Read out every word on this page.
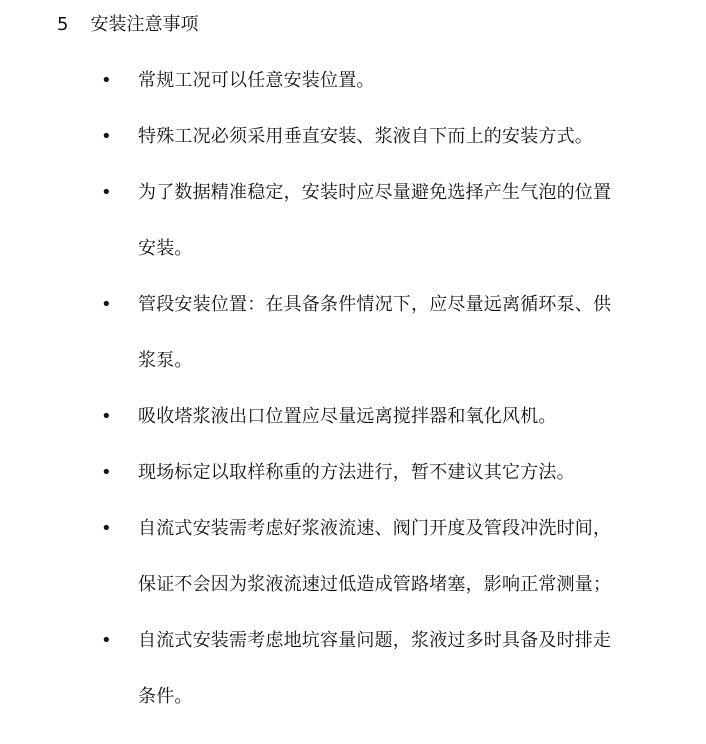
5 安装注意事项
• 常规工况可以任意安装位置。
• 特殊工况必须采用垂直安装、浆液自下而上的安装方式。
• 为了数据精准稳定，安装时应尽量避免选择产生气泡的位置
安装。
• 管段安装位置：在具备条件情况下，应尽量远离循环泵、供
浆泵。
• 吸收塔浆液出口位置应尽量远离搅拌器和氧化风机。
• 现场标定以取样称重的方法进行，暂不建议其它方法。
• 自流式安装需考虑好浆液流速、阀门开度及管段冲洗时间，
保证不会因为浆液流速过低造成管路堵塞，影响正常测量；
• 自流式安装需考虑地坑容量问题，浆液过多时具备及时排走
条件。
